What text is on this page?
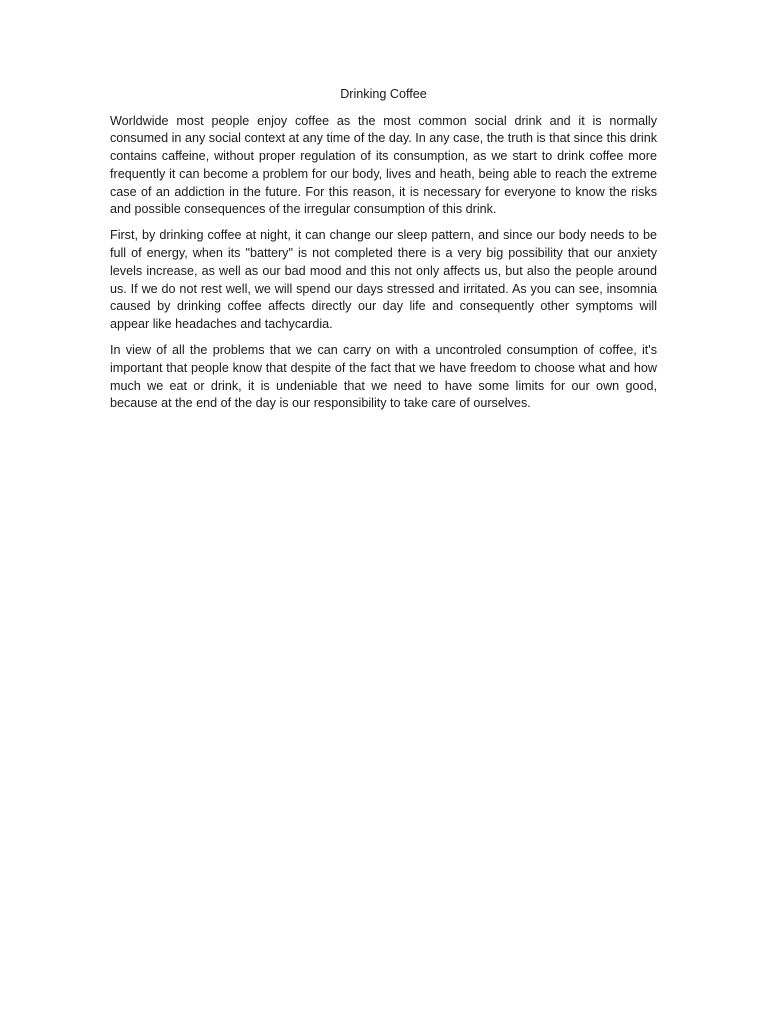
Drinking Coffee

Worldwide most people enjoy coffee as the most common social drink and it is normally consumed in any social context at any time of the day. In any case, the truth is that since this drink contains caffeine, without proper regulation of its consumption, as we start to drink coffee more frequently it can become a problem for our body, lives and heath, being able to reach the extreme case of an addiction in the future. For this reason, it is necessary for everyone to know the risks and possible consequences of the irregular consumption of this drink.

First, by drinking coffee at night, it can change our sleep pattern, and since our body needs to be full of energy, when its "battery" is not completed there is a very big possibility that our anxiety levels increase, as well as our bad mood and this not only affects us, but also the people around us. If we do not rest well, we will spend our days stressed and irritated. As you can see, insomnia caused by drinking coffee affects directly our day life and consequently other symptoms will appear like headaches and tachycardia.

In view of all the problems that we can carry on with a uncontroled consumption of coffee, it's important that people know that despite of the fact that we have freedom to choose what and how much we eat or drink, it is undeniable that we need to have some limits for our own good, because at the end of the day is our responsibility to take care of ourselves.
